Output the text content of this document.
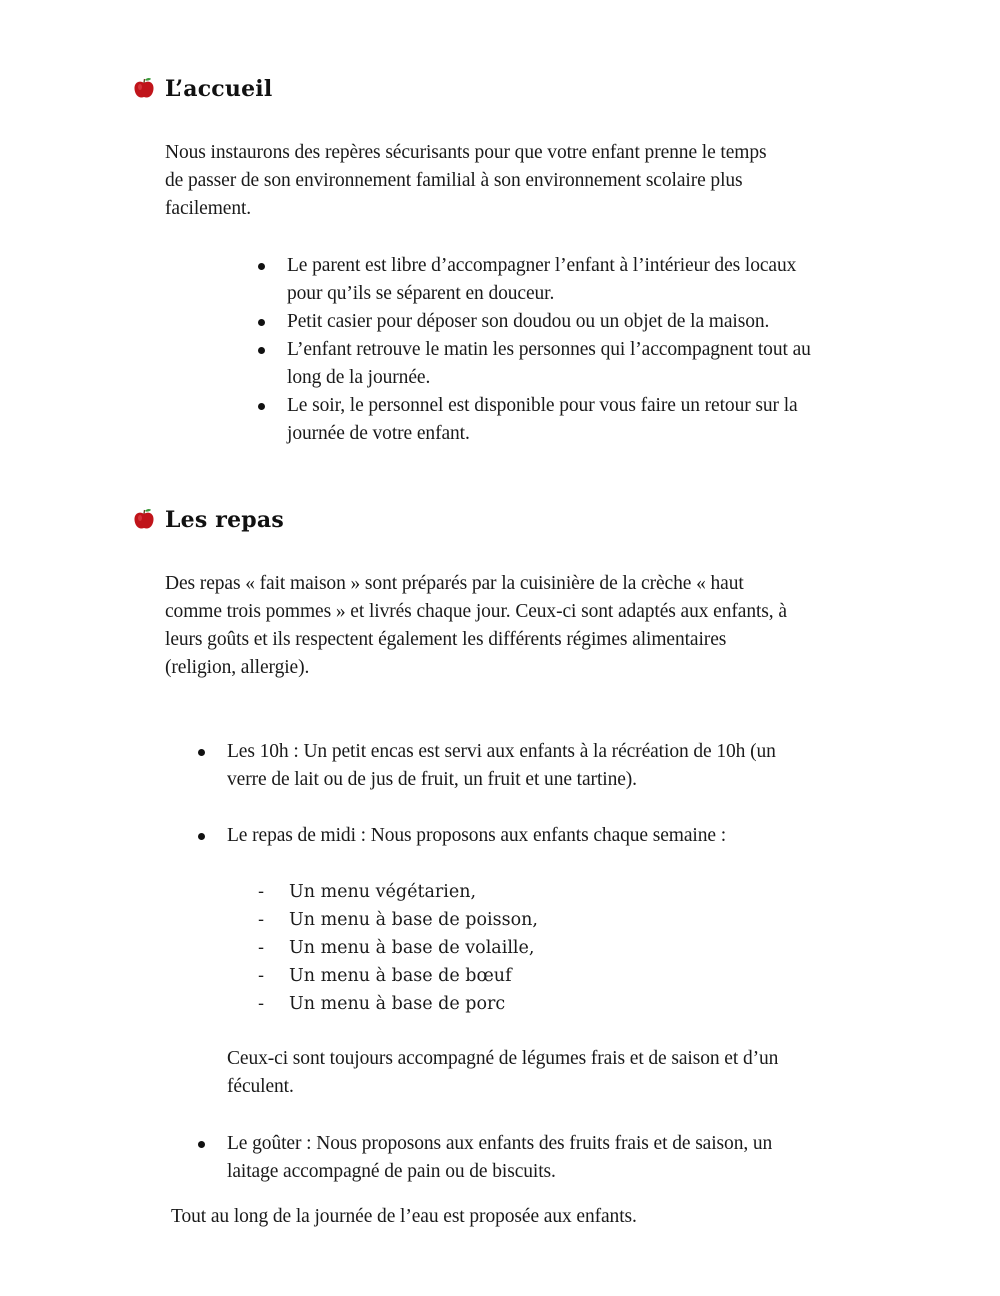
L’accueil
Nous instaurons des repères sécurisants pour que votre enfant prenne le temps
de passer de son environnement familial à son environnement scolaire plus
facilement.
Le parent est libre d’accompagner l’enfant à l’intérieur des locaux
pour qu’ils se séparent en douceur.
Petit casier pour déposer son doudou ou un objet de la maison.
L’enfant retrouve le matin les personnes qui l’accompagnent tout au
long de la journée.
Le soir, le personnel est disponible pour vous faire un retour sur la
journée de votre enfant.
Les repas
Des repas « fait maison » sont préparés par la cuisinière de la crèche « haut
comme trois pommes » et livrés chaque jour. Ceux-ci sont adaptés aux enfants, à
leurs goûts et ils respectent également les différents régimes alimentaires
(religion, allergie).
Les 10h : Un petit encas est servi aux enfants à la récréation de 10h (un
verre de lait ou de jus de fruit, un fruit et une tartine).
Le repas de midi : Nous proposons aux enfants chaque semaine :
- Un menu végétarien,
- Un menu à base de poisson,
- Un menu à base de volaille,
- Un menu à base de bœuf
- Un menu à base de porc
Ceux-ci sont toujours accompagné de légumes frais et de saison et d’un
féculent.
Le goûter : Nous proposons aux enfants des fruits frais et de saison, un
laitage accompagné de pain ou de biscuits.
Tout au long de la journée de l’eau est proposée aux enfants.
